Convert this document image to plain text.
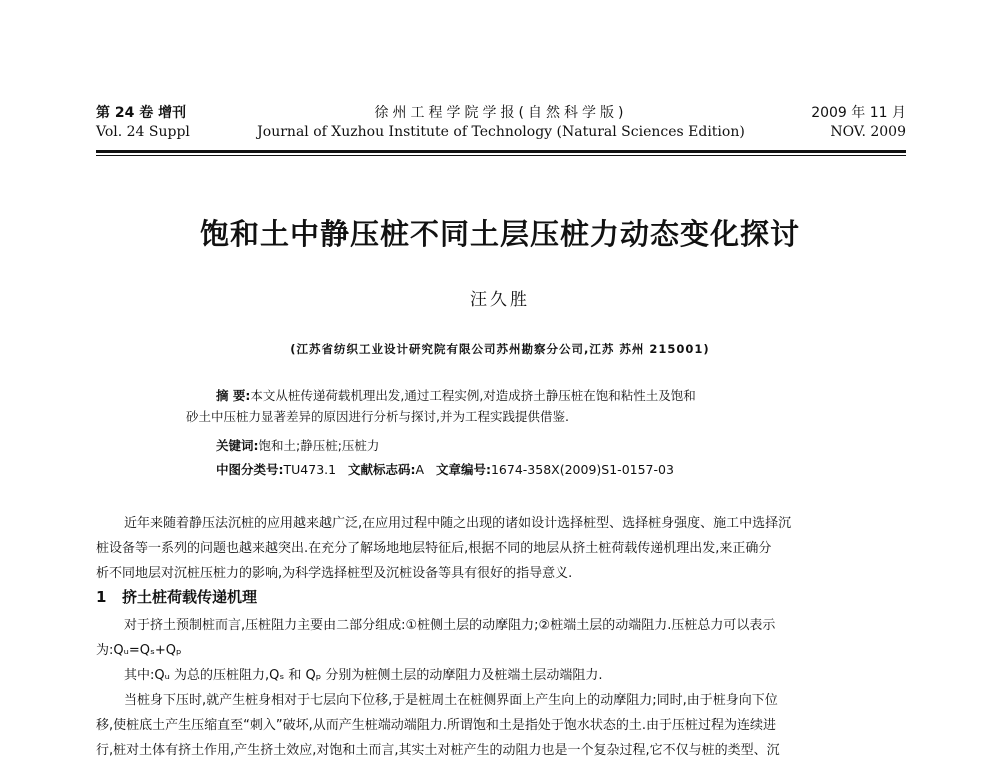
第 24 卷 增刊
Vol. 24 Suppl
徐州工程学院学报(自然科学版)
Journal of Xuzhou Institute of Technology (Natural Sciences Edition)
2009 年 11 月
NOV. 2009
饱和土中静压桩不同土层压桩力动态变化探讨
汪久胜
(江苏省纺织工业设计研究院有限公司苏州勘察分公司,江苏 苏州 215001)
摘 要:本文从桩传递荷载机理出发,通过工程实例,对造成挤土静压桩在饱和粘性土及饱和
砂土中压桩力显著差异的原因进行分析与探讨,并为工程实践提供借鉴.
关键词:饱和土;静压桩;压桩力
中图分类号:TU473.1 文献标志码:A 文章编号:1674-358X(2009)S1-0157-03
近年来随着静压法沉桩的应用越来越广泛,在应用过程中随之出现的诸如设计选择桩型、选择桩身强度、施工中选择沉
桩设备等一系列的问题也越来越突出.在充分了解场地地层特征后,根据不同的地层从挤土桩荷载传递机理出发,来正确分
析不同地层对沉桩压桩力的影响,为科学选择桩型及沉桩设备等具有很好的指导意义.
1 挤土桩荷载传递机理
对于挤土预制桩而言,压桩阻力主要由二部分组成:①桩侧土层的动摩阻力;②桩端土层的动端阻力.压桩总力可以表示
为:Qᵤ=Qₛ+Qₚ
其中:Qᵤ 为总的压桩阻力,Qₛ 和 Qₚ 分别为桩侧土层的动摩阻力及桩端土层动端阻力.
当桩身下压时,就产生桩身相对于七层向下位移,于是桩周土在桩侧界面上产生向上的动摩阻力;同时,由于桩身向下位
移,使桩底土产生压缩直至“刺入”破坏,从而产生桩端动端阻力.所谓饱和土是指处于饱水状态的土.由于压桩过程为连续进
行,桩对土体有挤土作用,产生挤土效应,对饱和土而言,其实土对桩产生的动阻力也是一个复杂过程,它不仅与桩的类型、沉
